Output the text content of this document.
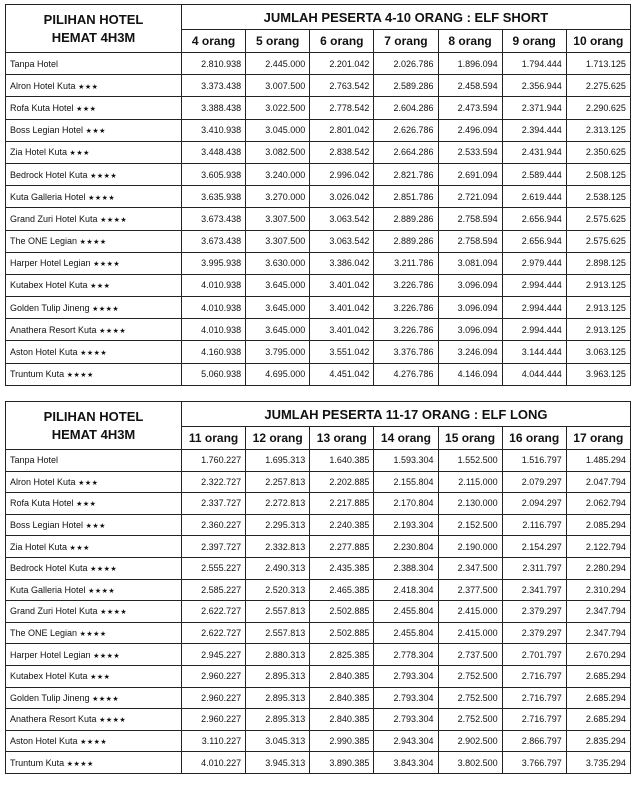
PILIHAN HOTEL
HEMAT 4H3M	JUMLAH PESERTA 4-10 ORANG : ELF SHORT						
	4 orang	5 orang	6 orang	7 orang	8 orang	9 orang	10 orang
Tanpa Hotel	2.810.938	2.445.000	2.201.042	2.026.786	1.896.094	1.794.444	1.713.125
Alron Hotel Kuta ★★★	3.373.438	3.007.500	2.763.542	2.589.286	2.458.594	2.356.944	2.275.625
Rofa Kuta Hotel ★★★	3.388.438	3.022.500	2.778.542	2.604.286	2.473.594	2.371.944	2.290.625
Boss Legian Hotel ★★★	3.410.938	3.045.000	2.801.042	2.626.786	2.496.094	2.394.444	2.313.125
Zia Hotel Kuta ★★★	3.448.438	3.082.500	2.838.542	2.664.286	2.533.594	2.431.944	2.350.625
Bedrock Hotel Kuta ★★★★	3.605.938	3.240.000	2.996.042	2.821.786	2.691.094	2.589.444	2.508.125
Kuta Galleria Hotel ★★★★	3.635.938	3.270.000	3.026.042	2.851.786	2.721.094	2.619.444	2.538.125
Grand Zuri Hotel Kuta ★★★★	3.673.438	3.307.500	3.063.542	2.889.286	2.758.594	2.656.944	2.575.625
The ONE Legian ★★★★	3.673.438	3.307.500	3.063.542	2.889.286	2.758.594	2.656.944	2.575.625
Harper Hotel Legian ★★★★	3.995.938	3.630.000	3.386.042	3.211.786	3.081.094	2.979.444	2.898.125
Kutabex Hotel Kuta ★★★	4.010.938	3.645.000	3.401.042	3.226.786	3.096.094	2.994.444	2.913.125
Golden Tulip Jineng ★★★★	4.010.938	3.645.000	3.401.042	3.226.786	3.096.094	2.994.444	2.913.125
Anathera Resort Kuta ★★★★	4.010.938	3.645.000	3.401.042	3.226.786	3.096.094	2.994.444	2.913.125
Aston Hotel Kuta ★★★★	4.160.938	3.795.000	3.551.042	3.376.786	3.246.094	3.144.444	3.063.125
Truntum Kuta ★★★★	5.060.938	4.695.000	4.451.042	4.276.786	4.146.094	4.044.444	3.963.125
PILIHAN HOTEL
HEMAT 4H3M	JUMLAH PESERTA 11-17 ORANG : ELF LONG						
	11 orang	12 orang	13 orang	14 orang	15 orang	16 orang	17 orang
Tanpa Hotel	1.760.227	1.695.313	1.640.385	1.593.304	1.552.500	1.516.797	1.485.294
Alron Hotel Kuta ★★★	2.322.727	2.257.813	2.202.885	2.155.804	2.115.000	2.079.297	2.047.794
Rofa Kuta Hotel ★★★	2.337.727	2.272.813	2.217.885	2.170.804	2.130.000	2.094.297	2.062.794
Boss Legian Hotel ★★★	2.360.227	2.295.313	2.240.385	2.193.304	2.152.500	2.116.797	2.085.294
Zia Hotel Kuta ★★★	2.397.727	2.332.813	2.277.885	2.230.804	2.190.000	2.154.297	2.122.794
Bedrock Hotel Kuta ★★★★	2.555.227	2.490.313	2.435.385	2.388.304	2.347.500	2.311.797	2.280.294
Kuta Galleria Hotel ★★★★	2.585.227	2.520.313	2.465.385	2.418.304	2.377.500	2.341.797	2.310.294
Grand Zuri Hotel Kuta ★★★★	2.622.727	2.557.813	2.502.885	2.455.804	2.415.000	2.379.297	2.347.794
The ONE Legian ★★★★	2.622.727	2.557.813	2.502.885	2.455.804	2.415.000	2.379.297	2.347.794
Harper Hotel Legian ★★★★	2.945.227	2.880.313	2.825.385	2.778.304	2.737.500	2.701.797	2.670.294
Kutabex Hotel Kuta ★★★	2.960.227	2.895.313	2.840.385	2.793.304	2.752.500	2.716.797	2.685.294
Golden Tulip Jineng ★★★★	2.960.227	2.895.313	2.840.385	2.793.304	2.752.500	2.716.797	2.685.294
Anathera Resort Kuta ★★★★	2.960.227	2.895.313	2.840.385	2.793.304	2.752.500	2.716.797	2.685.294
Aston Hotel Kuta ★★★★	3.110.227	3.045.313	2.990.385	2.943.304	2.902.500	2.866.797	2.835.294
Truntum Kuta ★★★★	4.010.227	3.945.313	3.890.385	3.843.304	3.802.500	3.766.797	3.735.294
